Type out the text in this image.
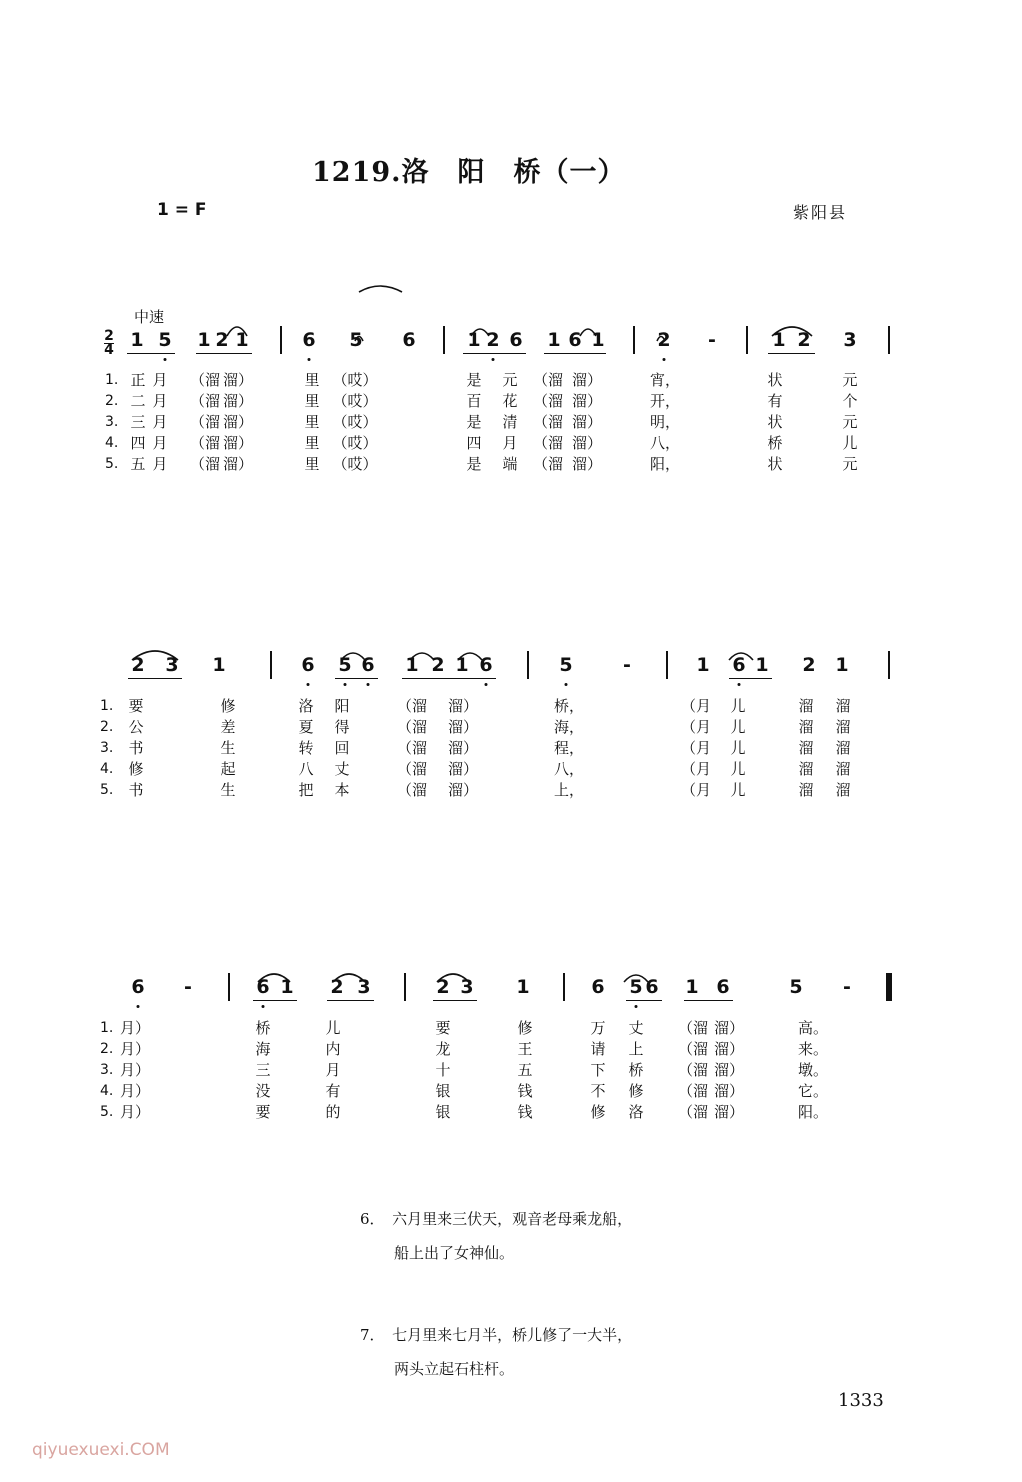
1219.洛　阳　桥（一）
1 = F	紫阳县
中速
2
4 1 5 1 2 1	6 5 6	1 2 6 1 6 1	2 -	1 2 3
1. 正 月 （溜 溜）	里 （哎）	是 元 （溜 溜）	宵，	状	元
2. 二 月 （溜 溜）	里 （哎）	百 花 （溜 溜）	开，	有	个
3. 三 月 （溜 溜）	里 （哎）	是 清 （溜 溜）	明，	状	元
4. 四 月 （溜 溜）	里 （哎）	四 月 （溜 溜）	八，	桥	儿
5. 五 月 （溜 溜）	里 （哎）	是 端 （溜 溜）	阳，	状	元
2 3 1	6 5 6 1 2 1 6	5	-	1 6 1 2 1
1. 要	修	洛 阳	（溜 溜）	桥，	（月 儿	溜 溜
2. 公	差	夏 得	（溜 溜）	海，	（月 儿	溜 溜
3. 书	生	转 回	（溜 溜）	程，	（月 儿	溜 溜
4. 修	起	八 丈	（溜 溜）	八，	（月 儿	溜 溜
5. 书	生	把 本	（溜 溜）	上，	（月 儿	溜 溜
6 -	6 1 2 3	2 3 1	6 5 6 1 6	5 -
1. 月）	桥	儿	要	修	万 丈 （溜 溜）	高。
2. 月）	海	内	龙	王	请 上 （溜 溜）	来。
3. 月）	三	月	十	五	下 桥 （溜 溜）	墩。
4. 月）	没	有	银	钱	不 修 （溜 溜）	它。
5. 月）	要	的	银	钱	修 洛 （溜 溜）	阳。
6．　 六月里来三伏天，观音老母乘龙船，
船上出了女神仙。
7．　 七月里来七月半，桥儿修了一大半，
两头立起石柱杆。
1333
qiyuexuexi.COM
